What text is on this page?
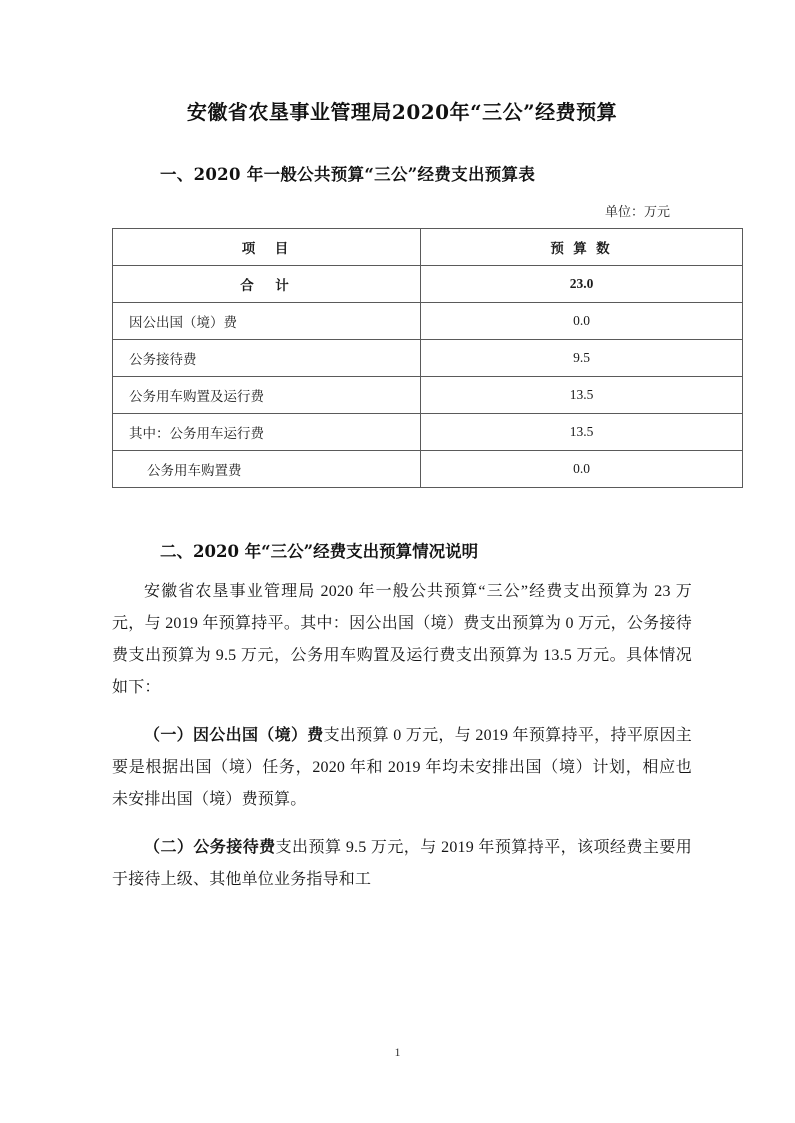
安徽省农垦事业管理局2020年“三公”经费预算
一、2020 年一般公共预算“三公”经费支出预算表
单位：万元
项　目	预 算 数
合　计	23.0
因公出国（境）费	0.0
公务接待费	9.5
公务用车购置及运行费	13.5
其中：公务用车运行费	13.5
公务用车购置费	0.0
二、2020 年“三公”经费支出预算情况说明

安徽省农垦事业管理局 2020 年一般公共预算“三公”经费支出预算为 23 万元，与 2019 年预算持平。其中：因公出国（境）费支出预算为 0 万元，公务接待费支出预算为 9.5 万元，公务用车购置及运行费支出预算为 13.5 万元。具体情况如下：

（一）因公出国（境）费支出预算 0 万元，与 2019 年预算持平，持平原因主要是根据出国（境）任务，2020 年和 2019 年均未安排出国（境）计划，相应也未安排出国（境）费预算。

（二）公务接待费支出预算 9.5 万元，与 2019 年预算持平，该项经费主要用于接待上级、其他单位业务指导和工

1
